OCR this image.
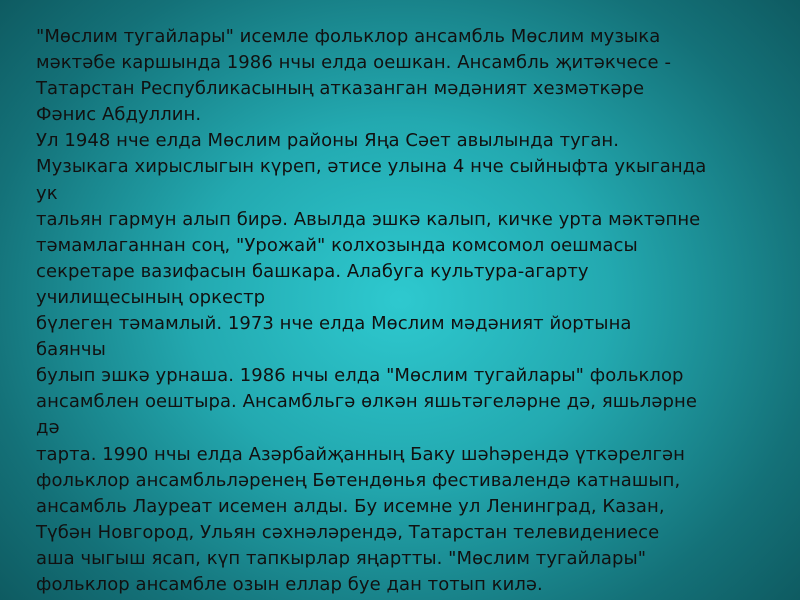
"Мөслим тугайлары" исемле фольклор ансамбль Мөслим музыка
мәктәбе каршында 1986 нчы елда оешкан. Ансамбль җитәкчесе -
Татарстан Республикасының атказанган мәдәният хезмәткәре
Фәнис Абдуллин.
Ул 1948 нче елда Мөслим районы Яңа Сәет авылында туган.
Музыкага хирыслыгын күреп, әтисе улына 4 нче сыйныфта укыганда
ук
тальян гармун алып бирә. Авылда эшкә калып, кичке урта мәктәпне
тәмамлаганнан соң, "Урожай" колхозында комсомол оешмасы
секретаре вазифасын башкара. Алабуга культура-агарту
училищесының оркестр
бүлеген тәмамлый. 1973 нче елда Мөслим мәдәният йортына
баянчы
булып эшкә урнаша. 1986 нчы елда "Мөслим тугайлары" фольклор
ансамблен оештыра. Ансамбльгә өлкән яшьтәгеләрне дә, яшьләрне
дә
тарта. 1990 нчы елда Азәрбайҗанның Баку шәһәрендә үткәрелгән
фольклор ансамбльләренең Бөтендөнья фестивалендә катнашып,
ансамбль Лауреат исемен алды. Бу исемне ул Ленинград, Казан,
Түбән Новгород, Ульян сәхнәләрендә, Татарстан телевидениесе
аша чыгыш ясап, күп тапкырлар яңартты. "Мөслим тугайлары"
фольклор ансамбле озын еллар буе дан тотып килә.
